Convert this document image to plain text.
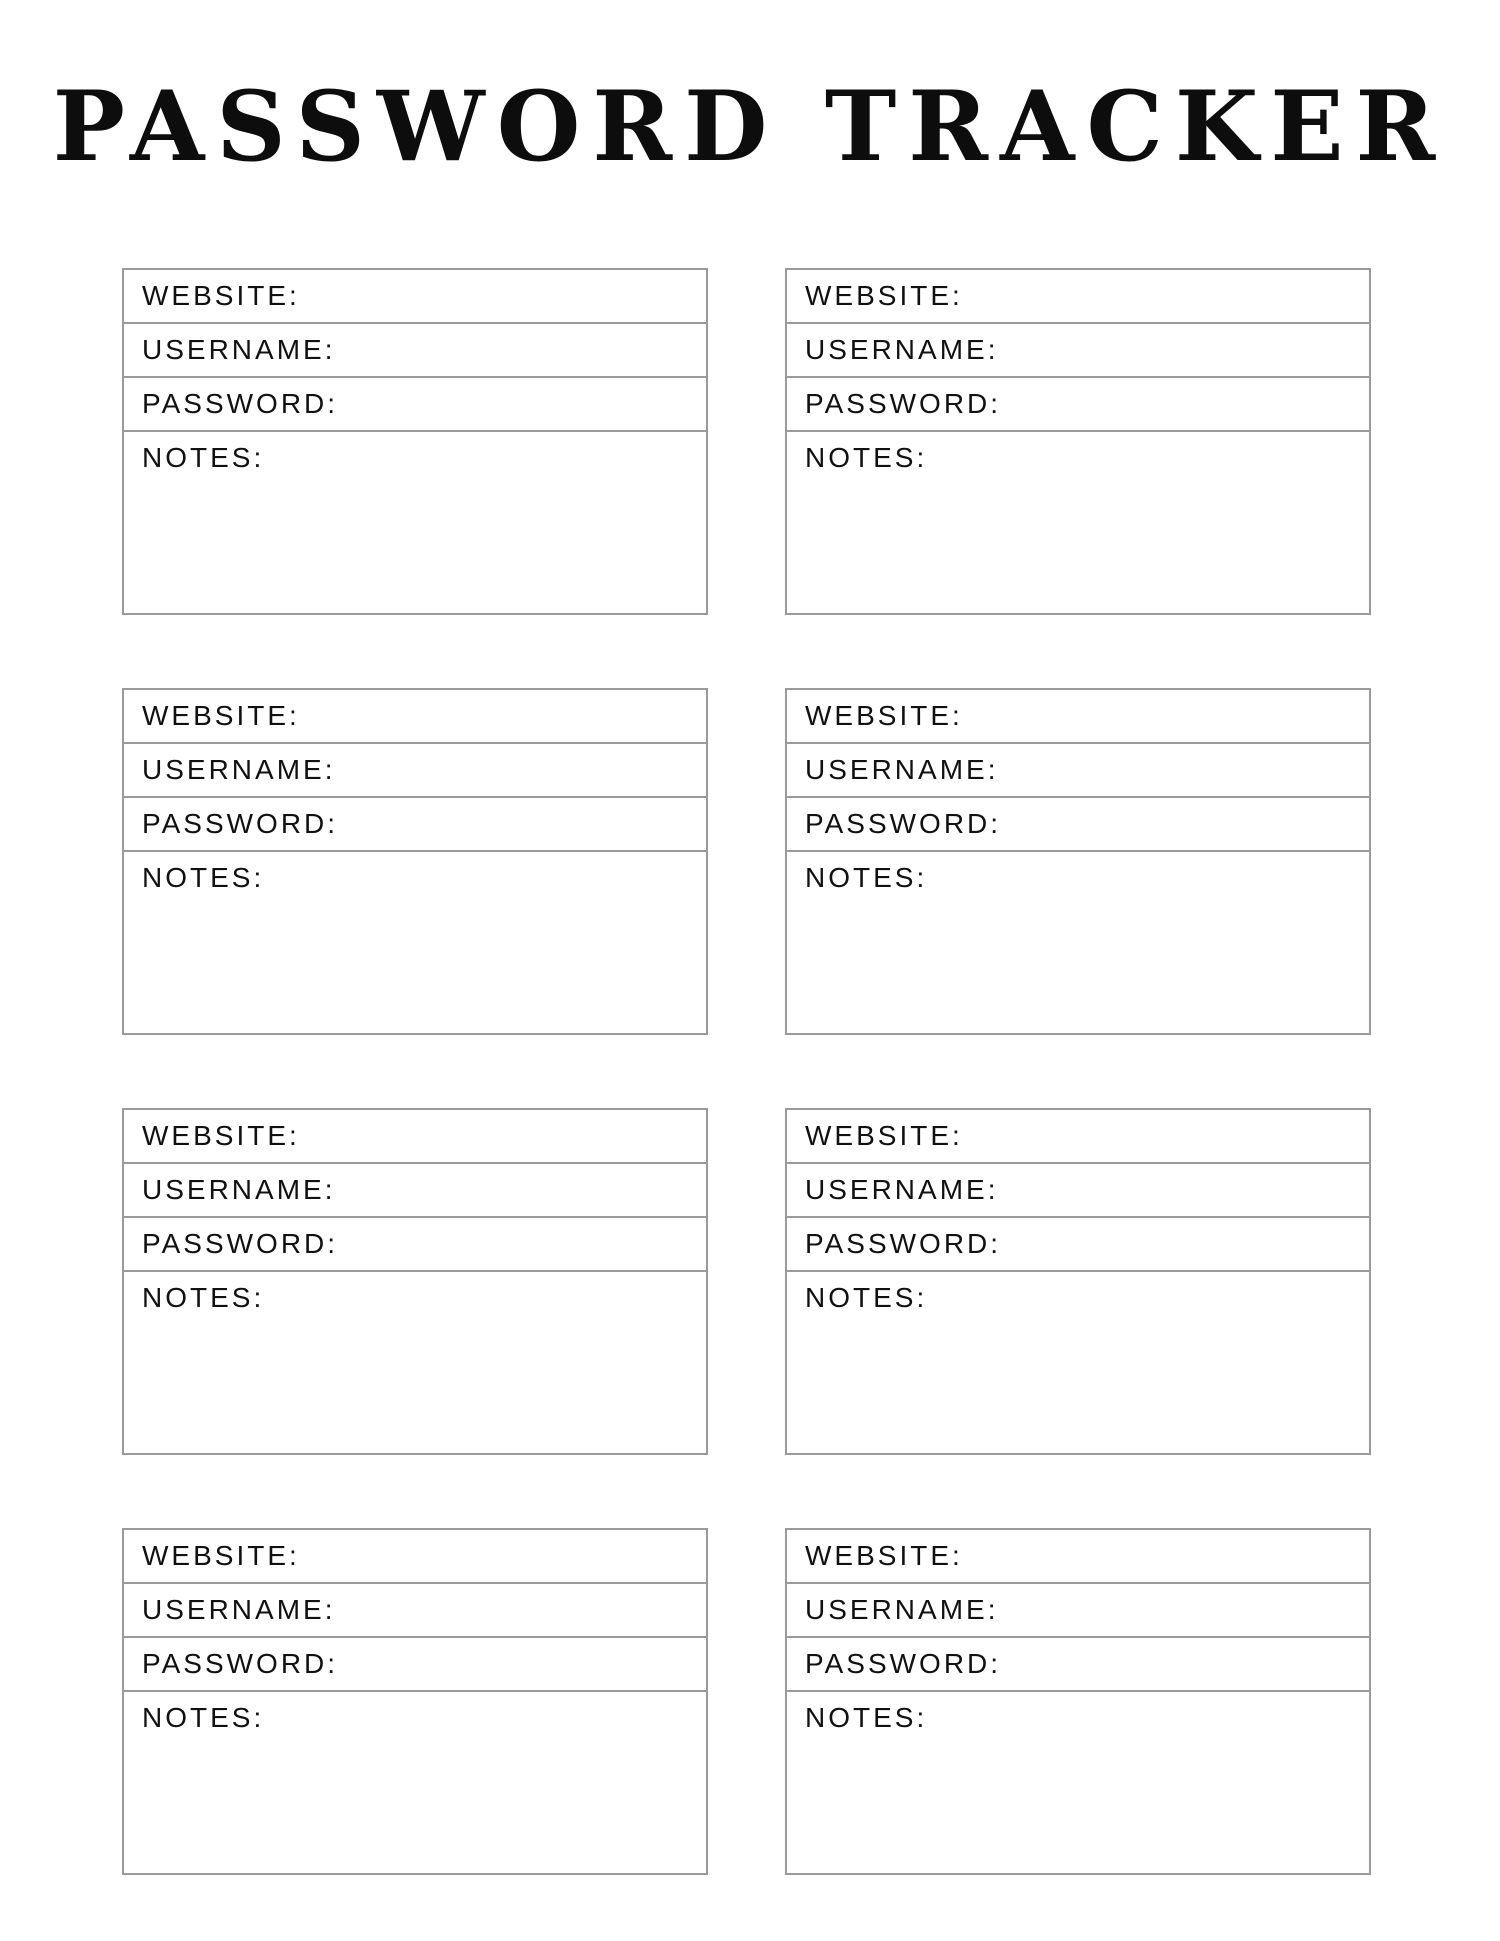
PASSWORD TRACKER
WEBSITE:
USERNAME:
PASSWORD:
NOTES:
WEBSITE:
USERNAME:
PASSWORD:
NOTES:
WEBSITE:
USERNAME:
PASSWORD:
NOTES:
WEBSITE:
USERNAME:
PASSWORD:
NOTES:
WEBSITE:
USERNAME:
PASSWORD:
NOTES:
WEBSITE:
USERNAME:
PASSWORD:
NOTES:
WEBSITE:
USERNAME:
PASSWORD:
NOTES:
WEBSITE:
USERNAME:
PASSWORD:
NOTES:
